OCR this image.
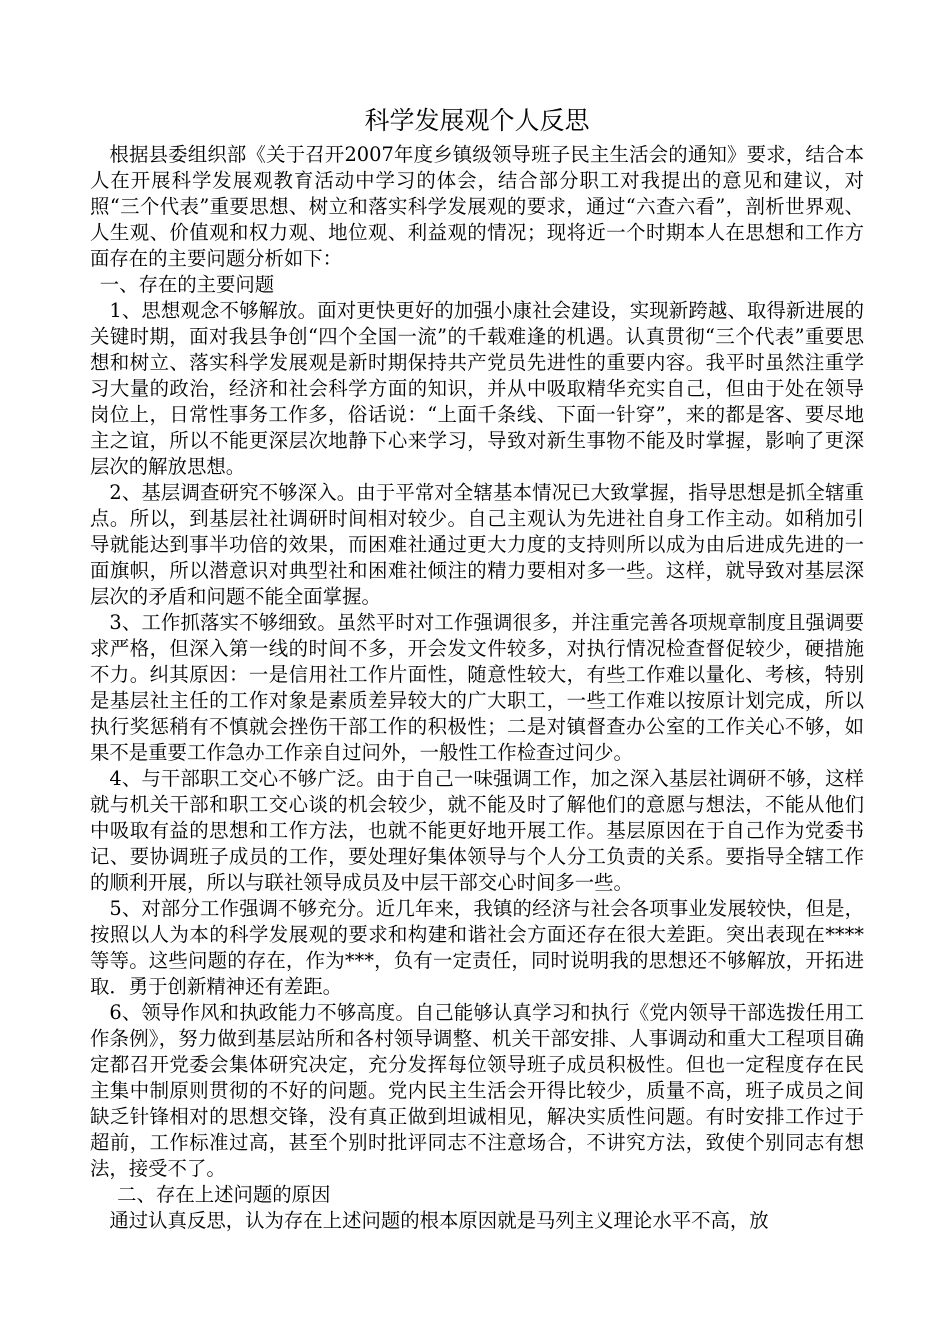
科学发展观个人反思

根据县委组织部《关于召开2007年度乡镇级领导班子民主生活会的通知》要求，结合本人在开展科学发展观教育活动中学习的体会，结合部分职工对我提出的意见和建议，对照“三个代表”重要思想、树立和落实科学发展观的要求，通过“六查六看”，剖析世界观、人生观、价值观和权力观、地位观、利益观的情况；现将近一个时期本人在思想和工作方面存在的主要问题分析如下：

一、存在的主要问题

1、思想观念不够解放。面对更快更好的加强小康社会建设，实现新跨越、取得新进展的关键时期，面对我县争创“四个全国一流”的千载难逢的机遇。认真贯彻“三个代表”重要思想和树立、落实科学发展观是新时期保持共产党员先进性的重要内容。我平时虽然注重学习大量的政治，经济和社会科学方面的知识，并从中吸取精华充实自己，但由于处在领导岗位上，日常性事务工作多，俗话说：“上面千条线、下面一针穿”，来的都是客、要尽地主之谊，所以不能更深层次地静下心来学习，导致对新生事物不能及时掌握，影响了更深层次的解放思想。

2、基层调查研究不够深入。由于平常对全辖基本情况已大致掌握，指导思想是抓全辖重点。所以，到基层社社调研时间相对较少。自己主观认为先进社自身工作主动。如稍加引导就能达到事半功倍的效果，而困难社通过更大力度的支持则所以成为由后进成先进的一面旗帜，所以潜意识对典型社和困难社倾注的精力要相对多一些。这样，就导致对基层深层次的矛盾和问题不能全面掌握。

3、工作抓落实不够细致。虽然平时对工作强调很多，并注重完善各项规章制度且强调要求严格，但深入第一线的时间不多，开会发文件较多，对执行情况检查督促较少，硬措施不力。纠其原因：一是信用社工作片面性，随意性较大，有些工作难以量化、考核，特别是基层社主任的工作对象是素质差异较大的广大职工，一些工作难以按原计划完成，所以执行奖惩稍有不慎就会挫伤干部工作的积极性；二是对镇督查办公室的工作关心不够，如果不是重要工作急办工作亲自过问外，一般性工作检查过问少。

4、与干部职工交心不够广泛。由于自己一味强调工作，加之深入基层社调研不够，这样就与机关干部和职工交心谈的机会较少，就不能及时了解他们的意愿与想法，不能从他们中吸取有益的思想和工作方法，也就不能更好地开展工作。基层原因在于自己作为党委书记、要协调班子成员的工作，要处理好集体领导与个人分工负责的关系。要指导全辖工作的顺利开展，所以与联社领导成员及中层干部交心时间多一些。

5、对部分工作强调不够充分。近几年来，我镇的经济与社会各项事业发展较快，但是，按照以人为本的科学发展观的要求和构建和谐社会方面还存在很大差距。突出表现在****等等。这些问题的存在，作为***，负有一定责任，同时说明我的思想还不够解放，开拓进取．勇于创新精神还有差距。

6、领导作风和执政能力不够高度。自己能够认真学习和执行《党内领导干部选拨任用工作条例》，努力做到基层站所和各村领导调整、机关干部安排、人事调动和重大工程项目确定都召开党委会集体研究决定，充分发挥每位领导班子成员积极性。但也一定程度存在民主集中制原则贯彻的不好的问题。党内民主生活会开得比较少，质量不高，班子成员之间缺乏针锋相对的思想交锋，没有真正做到坦诚相见，解决实质性问题。有时安排工作过于超前，工作标准过高，甚至个别时批评同志不注意场合，不讲究方法，致使个别同志有想法，接受不了。

二、存在上述问题的原因

通过认真反思，认为存在上述问题的根本原因就是马列主义理论水平不高，放
